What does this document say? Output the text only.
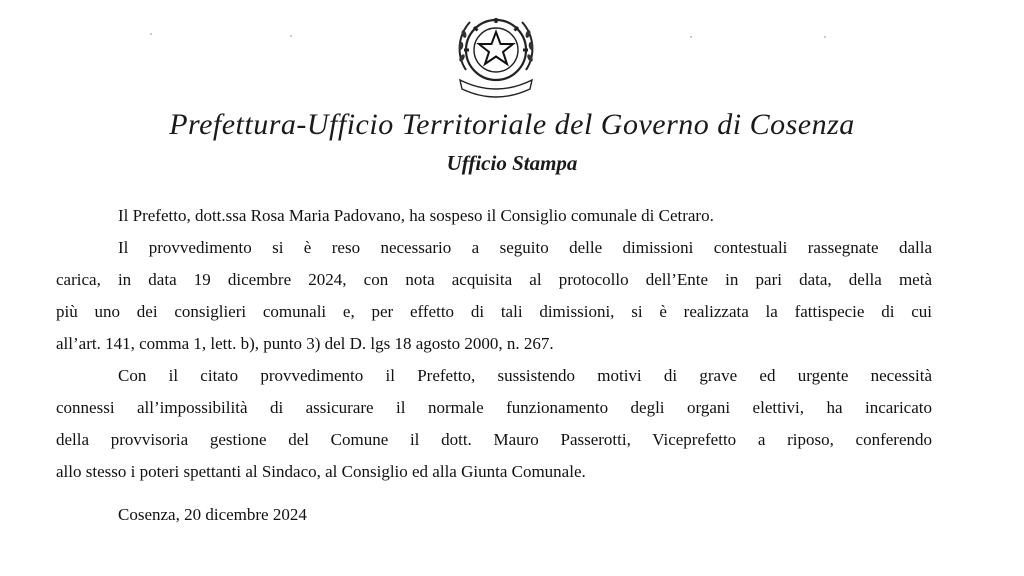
Prefettura-Ufficio Territoriale del Governo di Cosenza
Ufficio Stampa

Il Prefetto, dott.ssa Rosa Maria Padovano, ha sospeso il Consiglio comunale di Cetraro.

Il provvedimento si è reso necessario a seguito delle dimissioni contestuali rassegnate dalla
carica, in data 19 dicembre 2024, con nota acquisita al protocollo dell’Ente in pari data, della metà
più uno dei consiglieri comunali e, per effetto di tali dimissioni, si è realizzata la fattispecie di cui
all’art. 141, comma 1, lett. b), punto 3) del D. lgs 18 agosto 2000, n. 267.

Con il citato provvedimento il Prefetto, sussistendo motivi di grave ed urgente necessità
connessi all’impossibilità di assicurare il normale funzionamento degli organi elettivi, ha incaricato
della provvisoria gestione del Comune il dott. Mauro Passerotti, Viceprefetto a riposo, conferendo
allo stesso i poteri spettanti al Sindaco, al Consiglio ed alla Giunta Comunale.

Cosenza, 20 dicembre 2024
